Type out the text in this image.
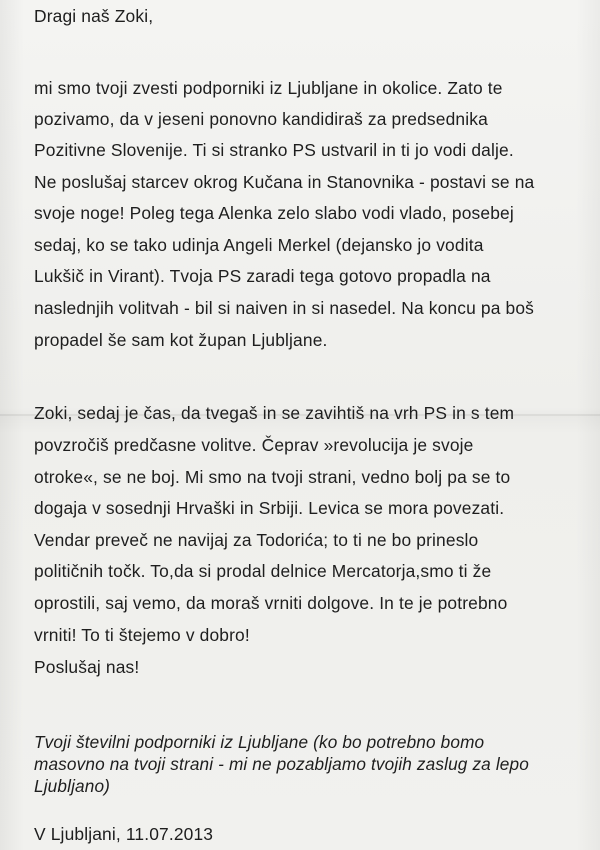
Dragi naš Zoki,
mi smo tvoji zvesti podporniki iz Ljubljane in okolice. Zato te
pozivamo, da v jeseni ponovno kandidiraš za predsednika
Pozitivne Slovenije. Ti si stranko PS ustvaril in ti jo vodi dalje.
Ne poslušaj starcev okrog Kučana in Stanovnika - postavi se na
svoje noge! Poleg tega Alenka zelo slabo vodi vlado, posebej
sedaj, ko se tako udinja Angeli Merkel (dejansko jo vodita
Lukšič in Virant). Tvoja PS zaradi tega gotovo propadla na
naslednjih volitvah - bil si naiven in si nasedel. Na koncu pa boš
propadel še sam kot župan Ljubljane.
Zoki, sedaj je čas, da tvegaš in se zavihtiš na vrh PS in s tem
povzročiš predčasne volitve. Čeprav »revolucija je svoje
otroke«, se ne boj. Mi smo na tvoji strani, vedno bolj pa se to
dogaja v sosednji Hrvaški in Srbiji. Levica se mora povezati.
Vendar preveč ne navijaj za Todorića; to ti ne bo prineslo
političnih točk. To,da si prodal delnice Mercatorja,smo ti že
oprostili, saj vemo, da moraš vrniti dolgove. In te je potrebno
vrniti! To ti štejemo v dobro!
Poslušaj nas!
Tvoji številni podporniki iz Ljubljane (ko bo potrebno bomo
masovno na tvoji strani - mi ne pozabljamo tvojih zaslug za lepo
Ljubljano)
V Ljubljani, 11.07.2013
